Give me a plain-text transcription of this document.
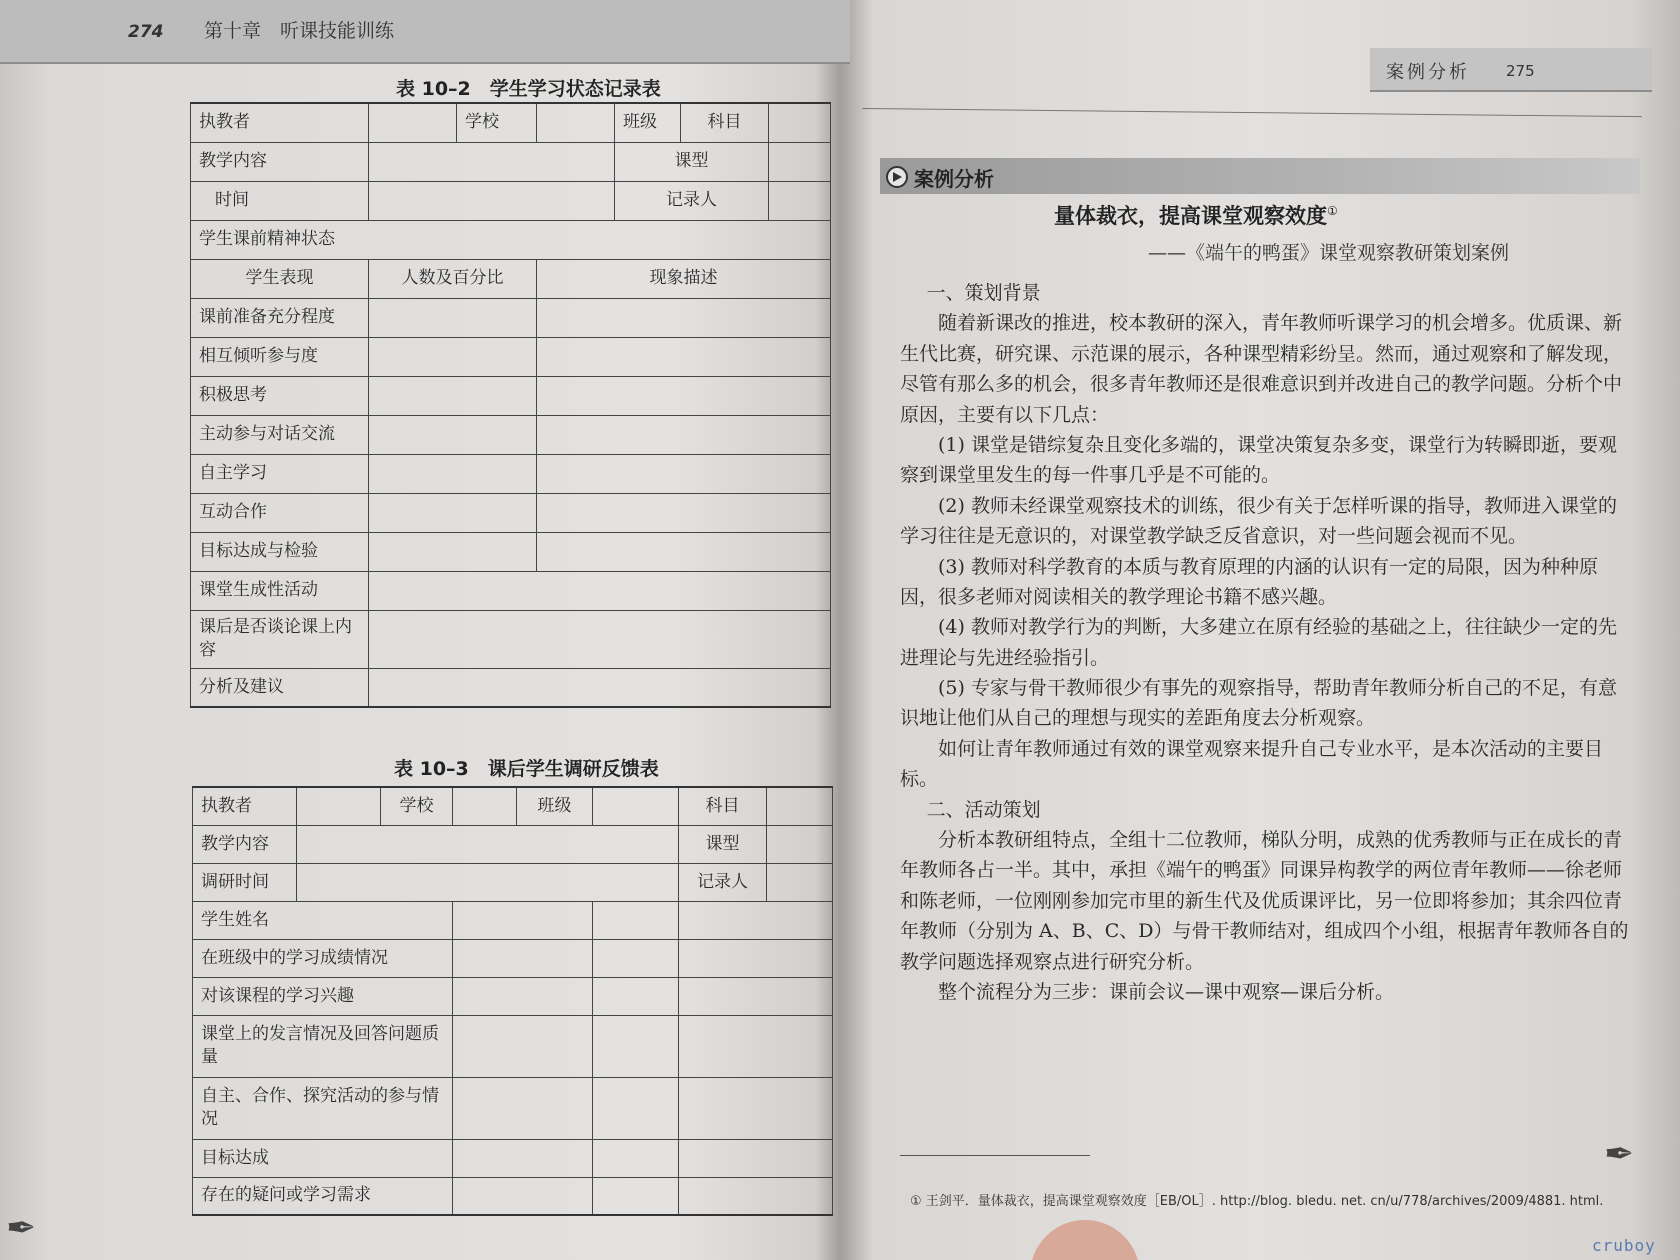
274 第十章　听课技能训练
案例分析 275
表 10–2　学生学习状态记录表
执教者		学校		班级	科目	
教学内容				课型		
时间				记录人		
学生课前精神状态						
学生表现	人数及百分比		现象描述			
课前准备充分程度						
相互倾听参与度						
积极思考						
主动参与对话交流						
自主学习						
互动合作						
目标达成与检验						
课堂生成性活动						
课后是否谈论课上内容						
分析及建议						
表 10–3　课后学生调研反馈表
执教者		学校		班级		科目	
教学内容						课型	
调研时间						记录人	
学生姓名							
在班级中的学习成绩情况							
对该课程的学习兴趣							
课堂上的发言情况及回答问题质量							
自主、合作、探究活动的参与情况							
目标达成							
存在的疑问或学习需求							
案例分析
量体裁衣，提高课堂观察效度①
——《端午的鸭蛋》课堂观察教研策划案例

一、策划背景

随着新课改的推进，校本教研的深入，青年教师听课学习的机会增多。优质课、新生代比赛，研究课、示范课的展示，各种课型精彩纷呈。然而，通过观察和了解发现，尽管有那么多的机会，很多青年教师还是很难意识到并改进自己的教学问题。分析个中原因，主要有以下几点：

(1) 课堂是错综复杂且变化多端的，课堂决策复杂多变，课堂行为转瞬即逝，要观察到课堂里发生的每一件事几乎是不可能的。

(2) 教师未经课堂观察技术的训练，很少有关于怎样听课的指导，教师进入课堂的学习往往是无意识的，对课堂教学缺乏反省意识，对一些问题会视而不见。

(3) 教师对科学教育的本质与教育原理的内涵的认识有一定的局限，因为种种原因，很多老师对阅读相关的教学理论书籍不感兴趣。

(4) 教师对教学行为的判断，大多建立在原有经验的基础之上，往往缺少一定的先进理论与先进经验指引。

(5) 专家与骨干教师很少有事先的观察指导，帮助青年教师分析自己的不足，有意识地让他们从自己的理想与现实的差距角度去分析观察。

如何让青年教师通过有效的课堂观察来提升自己专业水平，是本次活动的主要目标。

二、活动策划

分析本教研组特点，全组十二位教师，梯队分明，成熟的优秀教师与正在成长的青年教师各占一半。其中，承担《端午的鸭蛋》同课异构教学的两位青年教师——徐老师和陈老师，一位刚刚参加完市里的新生代及优质课评比，另一位即将参加；其余四位青年教师（分别为 A、B、C、D）与骨干教师结对，组成四个小组，根据青年教师各自的教学问题选择观察点进行研究分析。

整个流程分为三步：课前会议—课中观察—课后分析。

① 王剑平．量体裁衣，提高课堂观察效度［EB/OL］. http://blog. bledu. net. cn/u/778/archives/2009/4881. html.
✒
✒
cruboy
